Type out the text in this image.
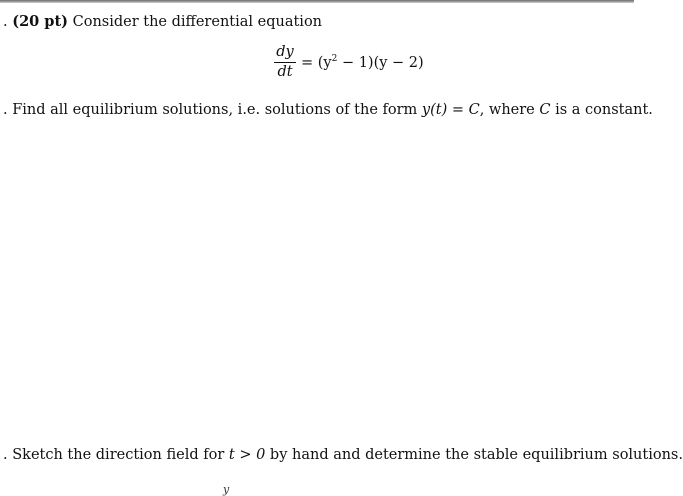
. (20 pt) Consider the differential equation
dy
dt
= $(y^2 - 1)(y - 2)$
. Find all equilibrium solutions, i.e. solutions of the form y(t) = C, where C is a constant.
. Sketch the direction field for t > 0 by hand and determine the stable equilibrium solutions.
y
